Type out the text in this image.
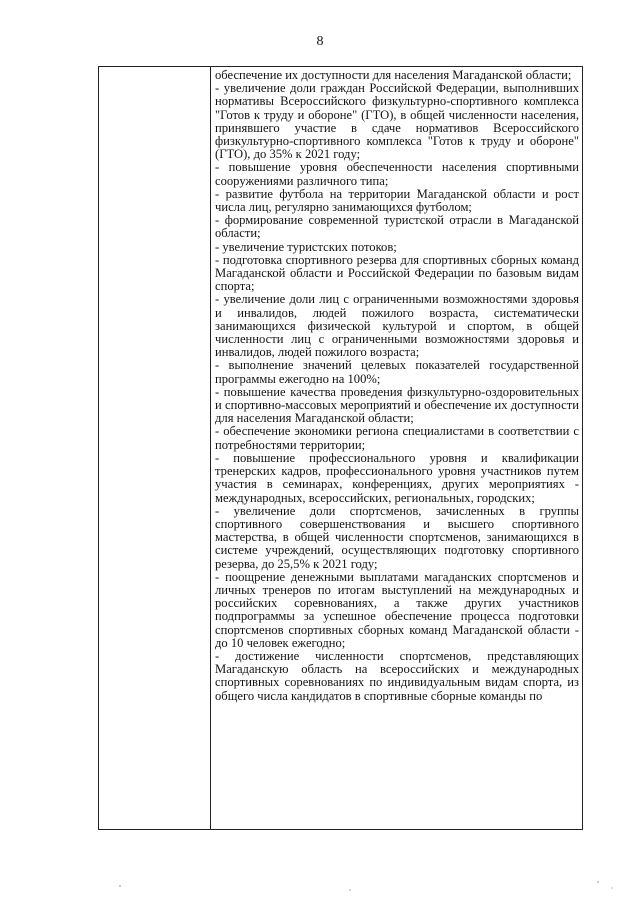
8

обеспечение их доступности для населения Магаданской области;

- увеличение доли граждан Российской Федерации, выполнивших нормативы Всероссийского физкультурно-спортивного комплекса "Готов к труду и обороне" (ГТО), в общей численности населения, принявшего участие в сдаче нормативов Всероссийского физкультурно-спортивного комплекса "Готов к труду и обороне" (ГТО), до 35% к 2021 году;

- повышение уровня обеспеченности населения спортивными сооружениями различного типа;

- развитие футбола на территории Магаданской области и рост числа лиц, регулярно занимающихся футболом;

- формирование современной туристской отрасли в Магаданской области;

- увеличение туристских потоков;

- подготовка спортивного резерва для спортивных сборных команд Магаданской области и Российской Федерации по базовым видам спорта;

- увеличение доли лиц с ограниченными возможностями здоровья и инвалидов, людей пожилого возраста, систематически занимающихся физической культурой и спортом, в общей численности лиц с ограниченными возможностями здоровья и инвалидов, людей пожилого возраста;

- выполнение значений целевых показателей государственной программы ежегодно на 100%;

- повышение качества проведения физкультурно-оздоровительных и спортивно-массовых мероприятий и обеспечение их доступности для населения Магаданской области;

- обеспечение экономики региона специалистами в соответствии с потребностями территории;

- повышение профессионального уровня и квалификации тренерских кадров, профессионального уровня участников путем участия в семинарах, конференциях, других мероприятиях - международных, всероссийских, региональных, городских;

- увеличение доли спортсменов, зачисленных в группы спортивного совершенствования и высшего спортивного мастерства, в общей численности спортсменов, занимающихся в системе учреждений, осуществляющих подготовку спортивного резерва, до 25,5% к 2021 году;

- поощрение денежными выплатами магаданских спортсменов и личных тренеров по итогам выступлений на международных и российских соревнованиях, а также других участников подпрограммы за успешное обеспечение процесса подготовки спортсменов спортивных сборных команд Магаданской области - до 10 человек ежегодно;

- достижение численности спортсменов, представляющих Магаданскую область на всероссийских и международных спортивных соревнованиях по индивидуальным видам спорта, из общего числа кандидатов в спортивные сборные команды по
